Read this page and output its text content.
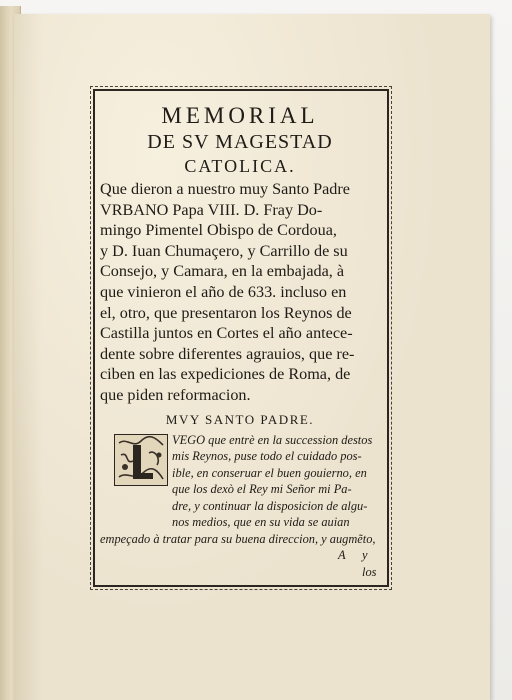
MEMORIAL

DE SV MAGESTAD

CATOLICA.

Que dieron a nuestro muy Santo Padre
VRBANO Papa VIII. D. Fray Do-
mingo Pimentel Obispo de Cordoua,
y D. Iuan Chumaçero, y Carrillo de su
Consejo, y Camara, en la embajada, à
que vinieron el año de 633. incluso en
el, otro, que presentaron los Reynos de
Castilla juntos en Cortes el año antece-
dente sobre diferentes agrauios, que re-
ciben en las expediciones de Roma, de
que piden reformacion.

MVY SANTO PADRE.

VEGO que entrè en la succession destos
mis Reynos, puse todo el cuidado pos-
ible, en conseruar el buen gouierno, en
que los dexò el Rey mi Señor mi Pa-
dre, y continuar la disposicion de algu-
nos medios, que en su vida se auian
empeçado à tratar para su buena direccion, y augmẽto,
A y los
